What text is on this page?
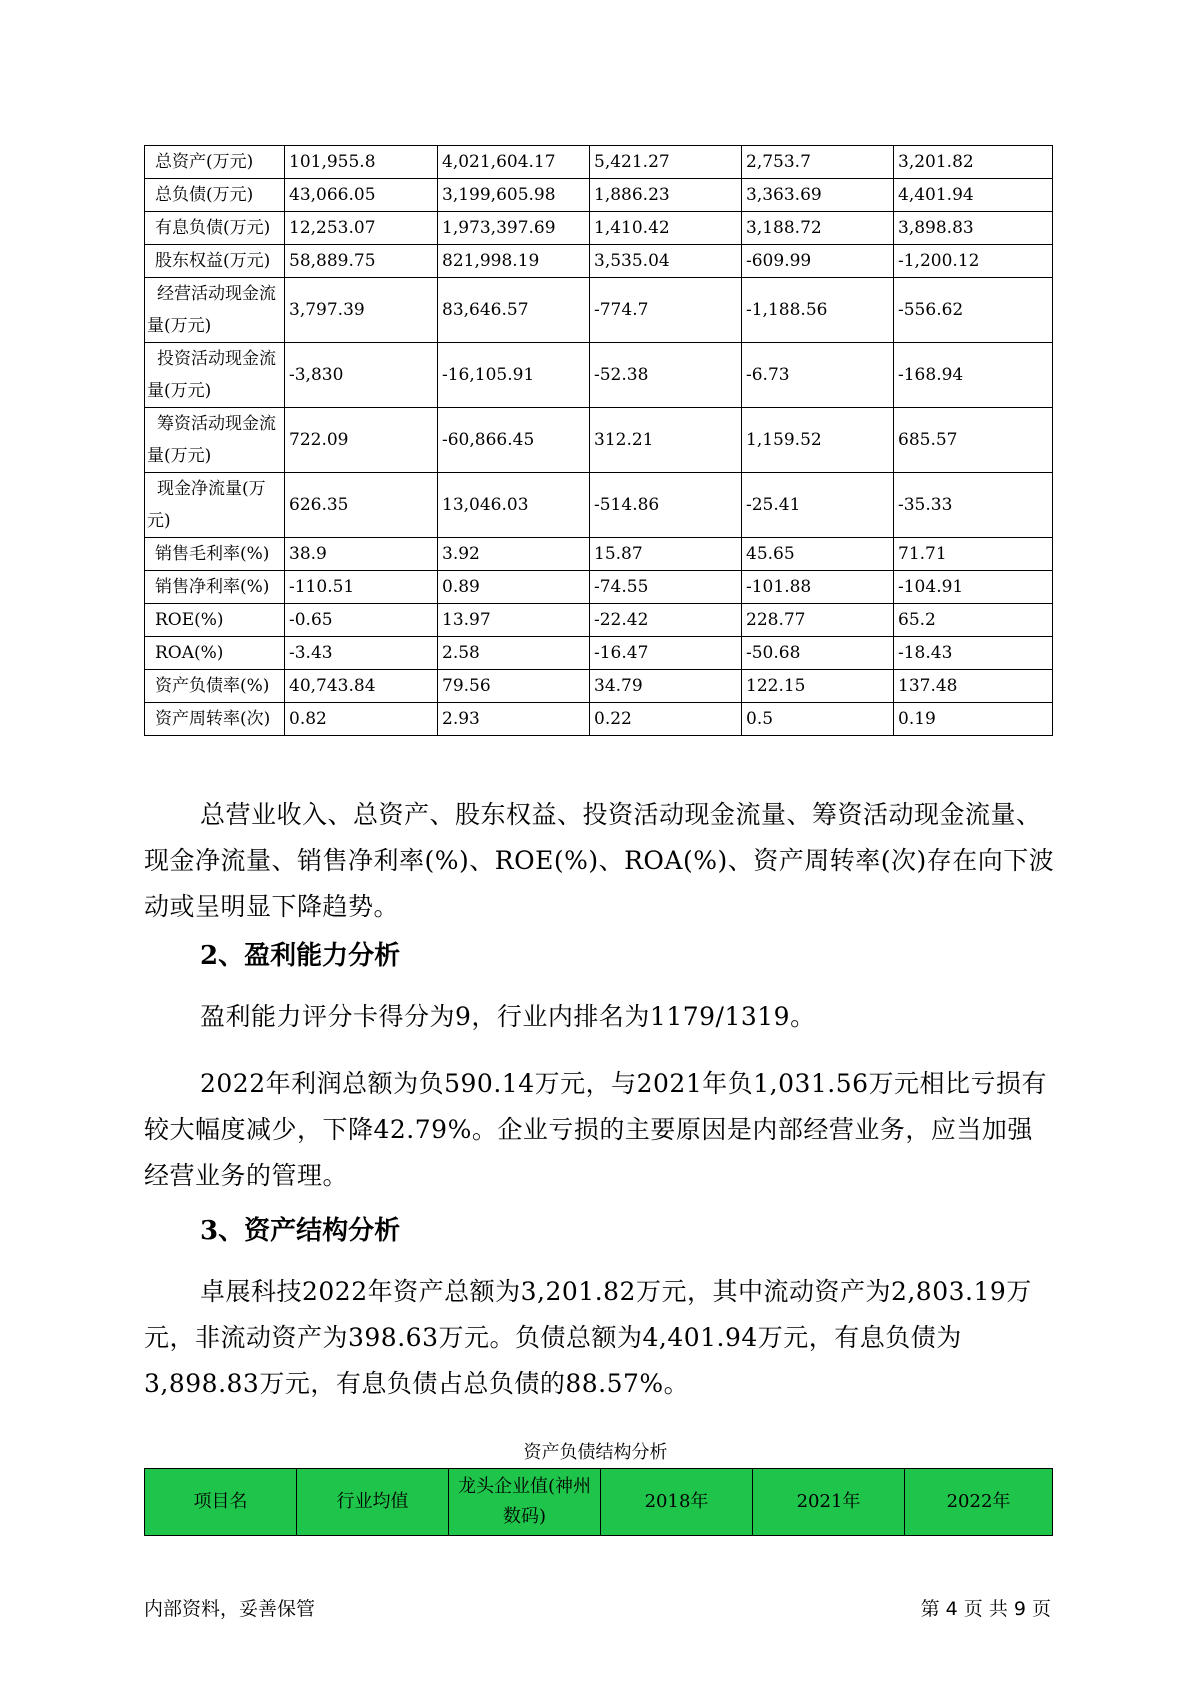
总资产(万元)	101,955.8	4,021,604.17	5,421.27	2,753.7	3,201.82
总负债(万元)	43,066.05	3,199,605.98	1,886.23	3,363.69	4,401.94
有息负债(万元)	12,253.07	1,973,397.69	1,410.42	3,188.72	3,898.83
股东权益(万元)	58,889.75	821,998.19	3,535.04	-609.99	-1,200.12
经营活动现金流量(万元)	3,797.39	83,646.57	-774.7	-1,188.56	-556.62
投资活动现金流量(万元)	-3,830	-16,105.91	-52.38	-6.73	-168.94
筹资活动现金流量(万元)	722.09	-60,866.45	312.21	1,159.52	685.57
现金净流量(万元)	626.35	13,046.03	-514.86	-25.41	-35.33
销售毛利率(%)	38.9	3.92	15.87	45.65	71.71
销售净利率(%)	-110.51	0.89	-74.55	-101.88	-104.91
ROE(%)	-0.65	13.97	-22.42	228.77	65.2
ROA(%)	-3.43	2.58	-16.47	-50.68	-18.43
资产负债率(%)	40,743.84	79.56	34.79	122.15	137.48
资产周转率(次)	0.82	2.93	0.22	0.5	0.19

总营业收入、总资产、股东权益、投资活动现金流量、筹资活动现金流量、现金净流量、销售净利率(%)、ROE(%)、ROA(%)、资产周转率(次)存在向下波动或呈明显下降趋势。

2、盈利能力分析

盈利能力评分卡得分为9，行业内排名为1179/1319。

2022年利润总额为负590.14万元，与2021年负1,031.56万元相比亏损有较大幅度减少，下降42.79%。企业亏损的主要原因是内部经营业务，应当加强经营业务的管理。

3、资产结构分析

卓展科技2022年资产总额为3,201.82万元，其中流动资产为2,803.19万元，非流动资产为398.63万元。负债总额为4,401.94万元，有息负债为3,898.83万元，有息负债占总负债的88.57%。

资产负债结构分析
项目名	行业均值	龙头企业值(神州数码)	2018年	2021年	2022年
内部资料，妥善保管	第 4 页 共 9 页
